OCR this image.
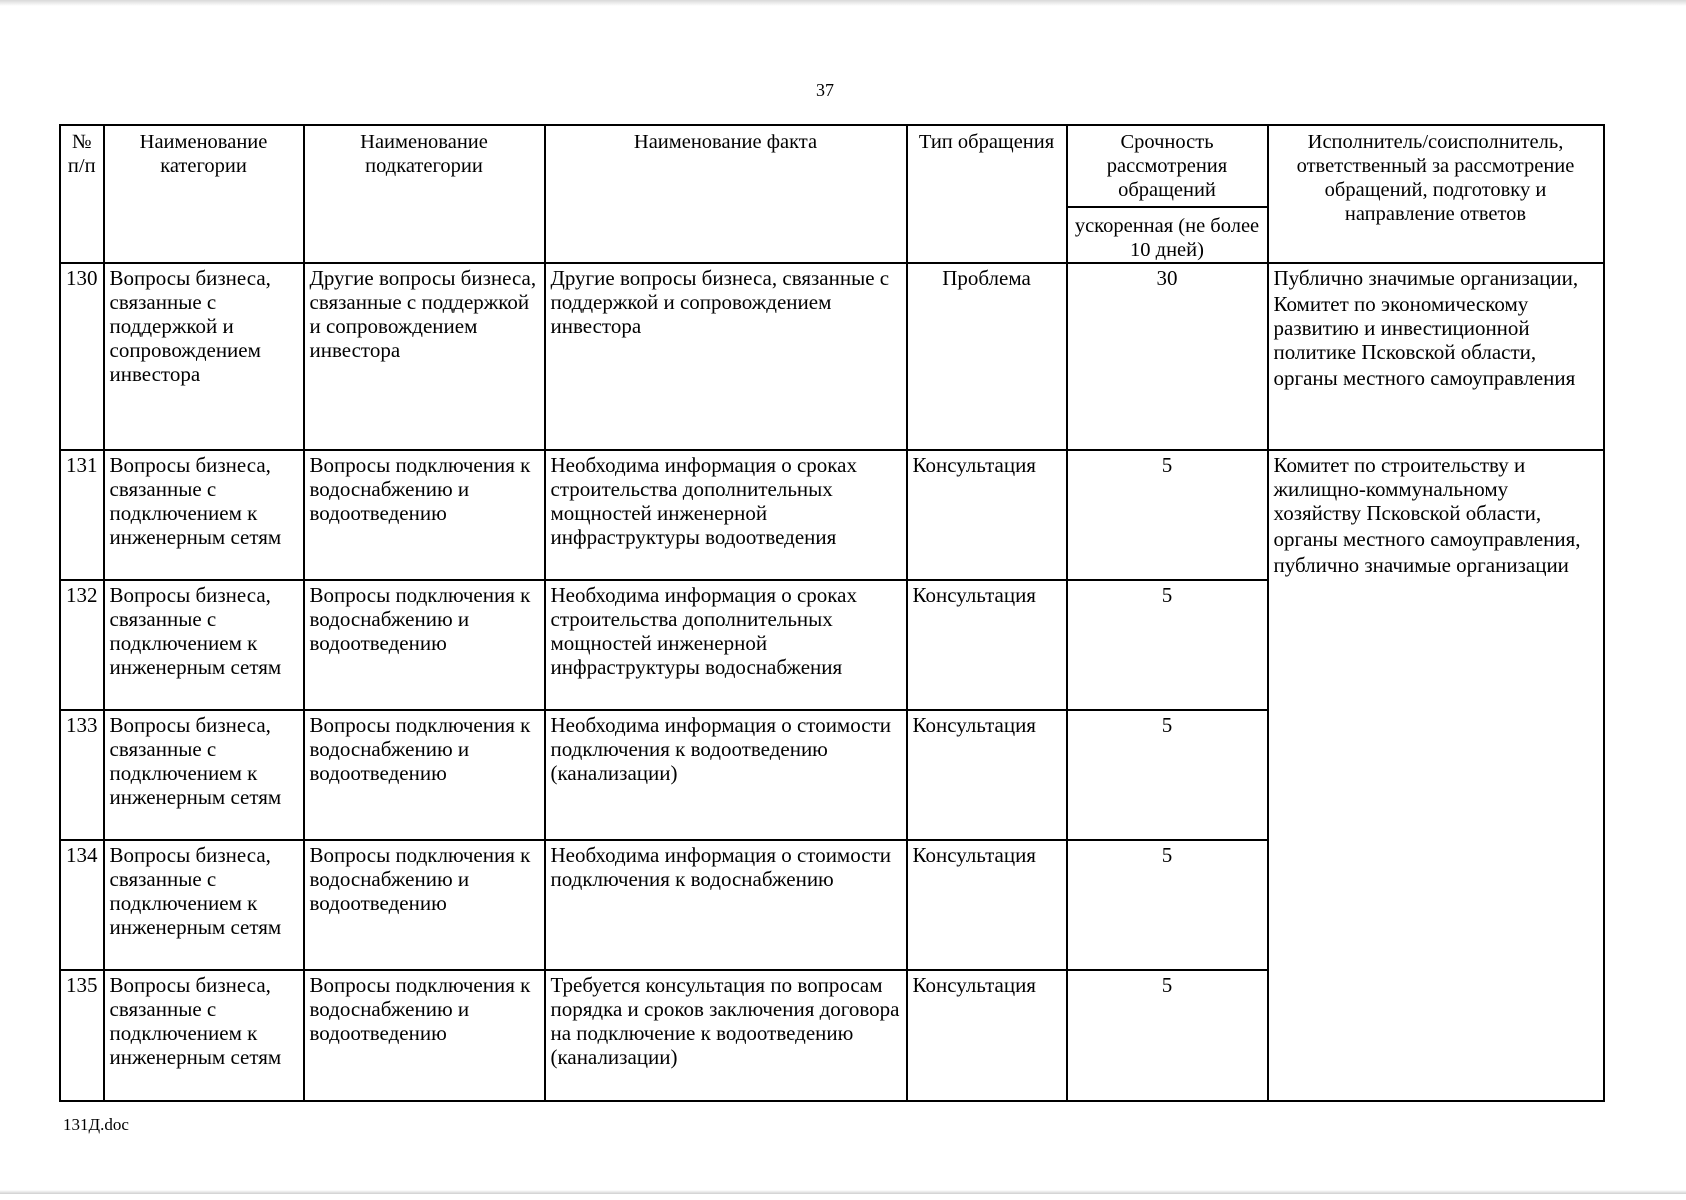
37
№ п/п	Наименование категории	Наименование подкатегории	Наименование факта	Тип обращения	Срочность рассмотрения обращений	Исполнитель/соисполнитель, ответственный за рассмотрение обращений, подготовку и направление ответов
					ускоренная (не более 10 дней)	
130	Вопросы бизнеса, связанные с поддержкой и сопровождением инвестора	Другие вопросы бизнеса, связанные с поддержкой и сопровождением инвестора	Другие вопросы бизнеса, связанные с поддержкой и сопровождением инвестора	Проблема	30	Публично значимые организации,
Комитет по экономическому развитию и инвестиционной политике Псковской области,
органы местного самоуправления

131	Вопросы бизнеса, связанные с подключением к инженерным сетям	Вопросы подключения к водоснабжению и водоотведению	Необходима информация о сроках строительства дополнительных мощностей инженерной инфраструктуры водоотведения	Консультация	5	Комитет по строительству и жилищно-коммунальному хозяйству Псковской области,
органы местного самоуправления,
публично значимые организации

132	Вопросы бизнеса, связанные с подключением к инженерным сетям	Вопросы подключения к водоснабжению и водоотведению	Необходима информация о сроках строительства дополнительных мощностей инженерной инфраструктуры водоснабжения	Консультация	5	
133	Вопросы бизнеса, связанные с подключением к инженерным сетям	Вопросы подключения к водоснабжению и водоотведению	Необходима информация о стоимости подключения к водоотведению (канализации)	Консультация	5	
134	Вопросы бизнеса, связанные с подключением к инженерным сетям	Вопросы подключения к водоснабжению и водоотведению	Необходима информация о стоимости подключения к водоснабжению	Консультация	5	
135	Вопросы бизнеса, связанные с подключением к инженерным сетям	Вопросы подключения к водоснабжению и водоотведению	Требуется консультация по вопросам порядка и сроков заключения договора на подключение к водоотведению (канализации)	Консультация	5	
131Д.doc
